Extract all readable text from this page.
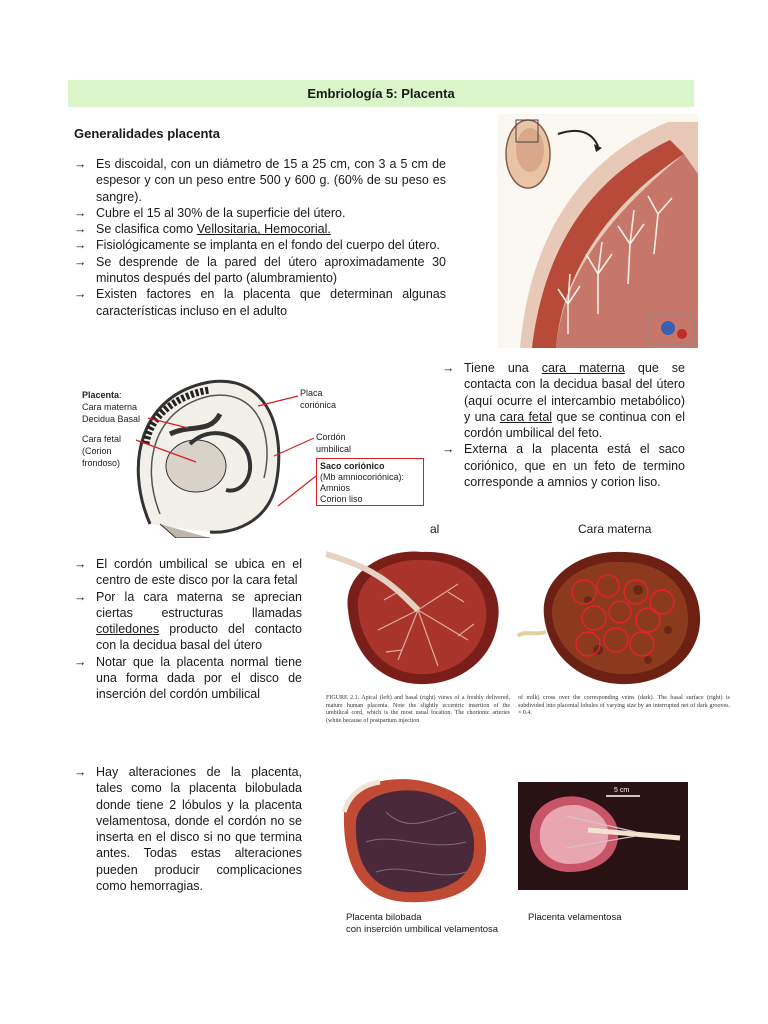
Embriología 5: Placenta
Generalidades placenta
→ Es discoidal, con un diámetro de 15 a 25 cm, con 3 a 5 cm de espesor y con un peso entre 500 y 600 g. (60% de su peso es sangre).
→ Cubre el 15 al 30% de la superficie del útero.
→ Se clasifica como Vellositaria, Hemocorial.
→ Fisiológicamente se implanta en el fondo del cuerpo del útero.
→ Se desprende de la pared del útero aproximadamente 30 minutos después del parto (alumbramiento)
→ Existen factores en la placenta que determinan algunas características incluso en el adulto
Placenta:
Cara materna
Decidua Basal
Cara fetal
(Corion
frondoso)
Placa
coriónica
Cordón
umbilical
Saco coriónico
(Mb amniocoriónica):
Amnios
Corion liso
→ Tiene una cara materna que se contacta con la decidua basal del útero (aquí ocurre el intercambio metabólico) y una cara fetal que se continua con el cordón umbilical del feto.
→ Externa a la placenta está el saco coriónico, que en un feto de termino corresponde a amnios y corion liso.
al	Cara materna
FIGURE 2.1. Apical (left) and basal (right) views of a freshly delivered, mature human placenta. Note the slightly eccentric insertion of the umbilical cord, which is the most usual location. The chorionic arteries (white because of postpartum injection
of milk) cross over the corresponding veins (dark). The basal surface (right) is subdivided into placental lobules of varying size by an interrupted net of dark grooves. × 0.4.
→ El cordón umbilical se ubica en el centro de este disco por la cara fetal
→ Por la cara materna se aprecian ciertas estructuras llamadas cotiledones producto del contacto con la decidua basal del útero
→ Notar que la placenta normal tiene una forma dada por el disco de inserción del cordón umbilical
→ Hay alteraciones de la placenta, tales como la placenta bilobulada donde tiene 2 lóbulos y la placenta velamentosa, donde el cordón no se inserta en el disco si no que termina antes. Todas estas alteraciones pueden producir complicaciones como hemorragias.
5 cm
Placenta bilobada
con inserción umbilical velamentosa
Placenta velamentosa
